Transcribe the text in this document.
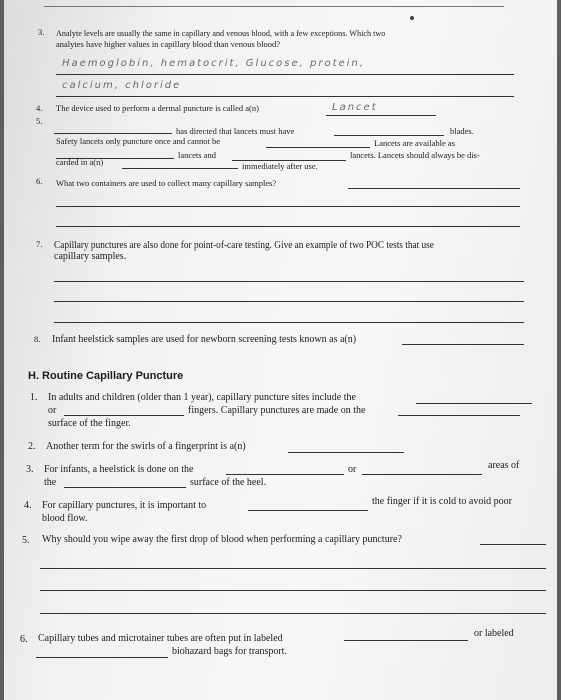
3. Analyte levels are usually the same in capillary and venous blood, with a few exceptions. Which two
analytes have higher values in capillary blood than venous blood?
Haemoglobin, hematocrit, Glucose, protein,
calcium, chloride
4. The device used to perform a dermal puncture is called a(n)	Lancet
5.
has directed that lancets must have	blades.
Safety lancets only puncture once and cannot be	Lancets are available as
lancets and	lancets. Lancets should always be dis-
carded in a(n)	immediately after use.
6. What two containers are used to collect many capillary samples?
7. Capillary punctures are also done for point-of-care testing. Give an example of two POC tests that use
capillary samples.
8. Infant heelstick samples are used for newborn screening tests known as a(n)
H. Routine Capillary Puncture
1. In adults and children (older than 1 year), capillary puncture sites include the
or	fingers. Capillary punctures are made on the
surface of the finger.
2. Another term for the swirls of a fingerprint is a(n)
3. For infants, a heelstick is done on the	or	areas of
the	surface of the heel.
4. For capillary punctures, it is important to	the finger if it is cold to avoid poor
blood flow.
5. Why should you wipe away the first drop of blood when performing a capillary puncture?
6. Capillary tubes and microtainer tubes are often put in labeled	or labeled
biohazard bags for transport.
